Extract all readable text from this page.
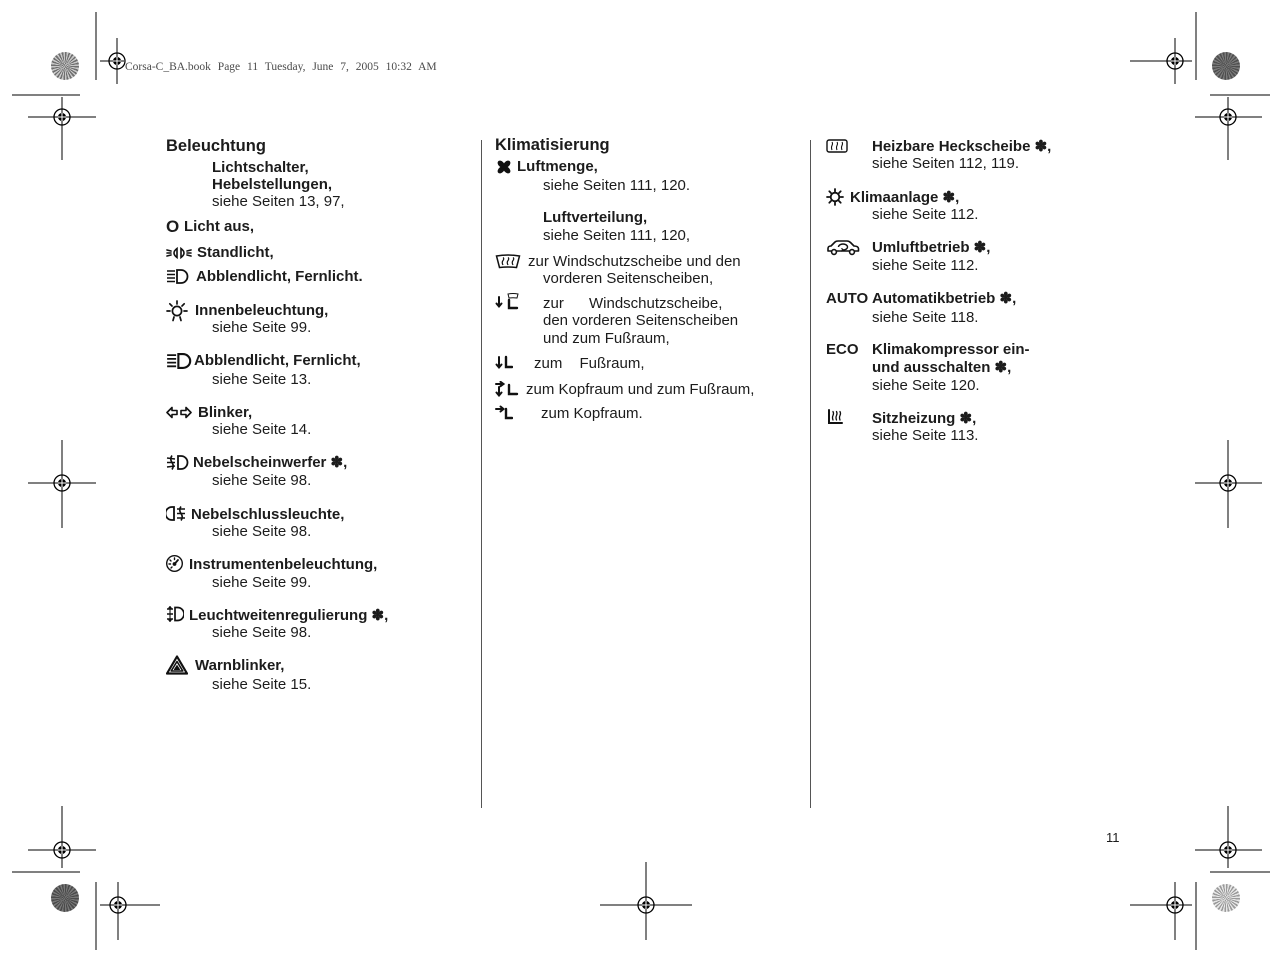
Corsa-C_BA.book Page 11 Tuesday, June 7, 2005 10:32 AM
11
Beleuchtung
Lichtschalter,
Hebelstellungen,
siehe Seiten 13, 97,
O Licht aus,
Standlicht,
Abblendlicht, Fernlicht.
Innenbeleuchtung,
siehe Seite 99.
Abblendlicht, Fernlicht,
siehe Seite 13.
Blinker,
siehe Seite 14.
Nebelscheinwerfer ✽,
siehe Seite 98.
Nebelschlussleuchte,
siehe Seite 98.
Instrumentenbeleuchtung,
siehe Seite 99.
Leuchtweitenregulierung ✽,
siehe Seite 98.
Warnblinker,
siehe Seite 15.
Klimatisierung
Luftmenge,
siehe Seiten 111, 120.
Luftverteilung,
siehe Seiten 111, 120,
zur Windschutzscheibe und den
vorderen Seitenscheiben,
zur Windschutzscheibe,
den vorderen Seitenscheiben
und zum Fußraum,
zum Fußraum,
zum Kopfraum und zum Fußraum,
zum Kopfraum.
Heizbare Heckscheibe ✽,
siehe Seiten 112, 119.
Klimaanlage ✽,
siehe Seite 112.
Umluftbetrieb ✽,
siehe Seite 112.
AUTO Automatikbetrieb ✽,
siehe Seite 118.
ECO Klimakompressor ein-
und ausschalten ✽,
siehe Seite 120.
Sitzheizung ✽,
siehe Seite 113.
